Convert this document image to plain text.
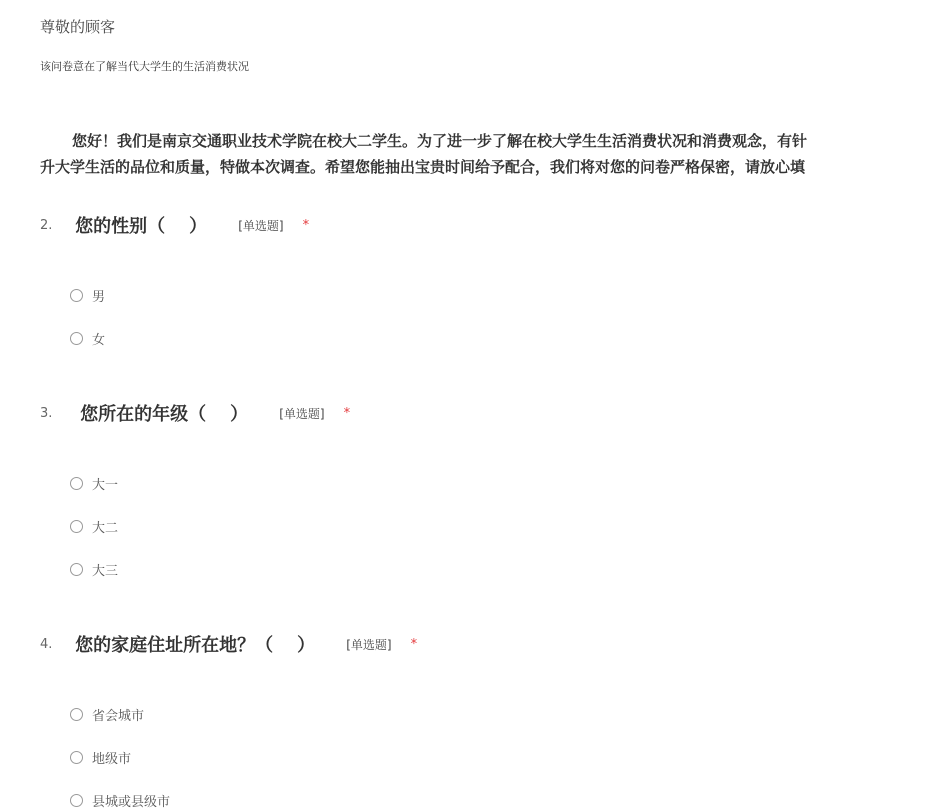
尊敬的顾客
该问卷意在了解当代大学生的生活消费状况
您好！我们是南京交通职业技术学院在校大二学生。为了进一步了解在校大学生生活消费状况和消费观念，有针
升大学生活的品位和质量，特做本次调查。希望您能抽出宝贵时间给予配合，我们将对您的问卷严格保密，请放心填
2. 您的性别（ ）	[单选题] *
男
女
3. 您所在的年级（ ）	[单选题] *
大一
大二
大三
4. 您的家庭住址所在地？（ ）	[单选题] *
省会城市
地级市
县城或县级市
